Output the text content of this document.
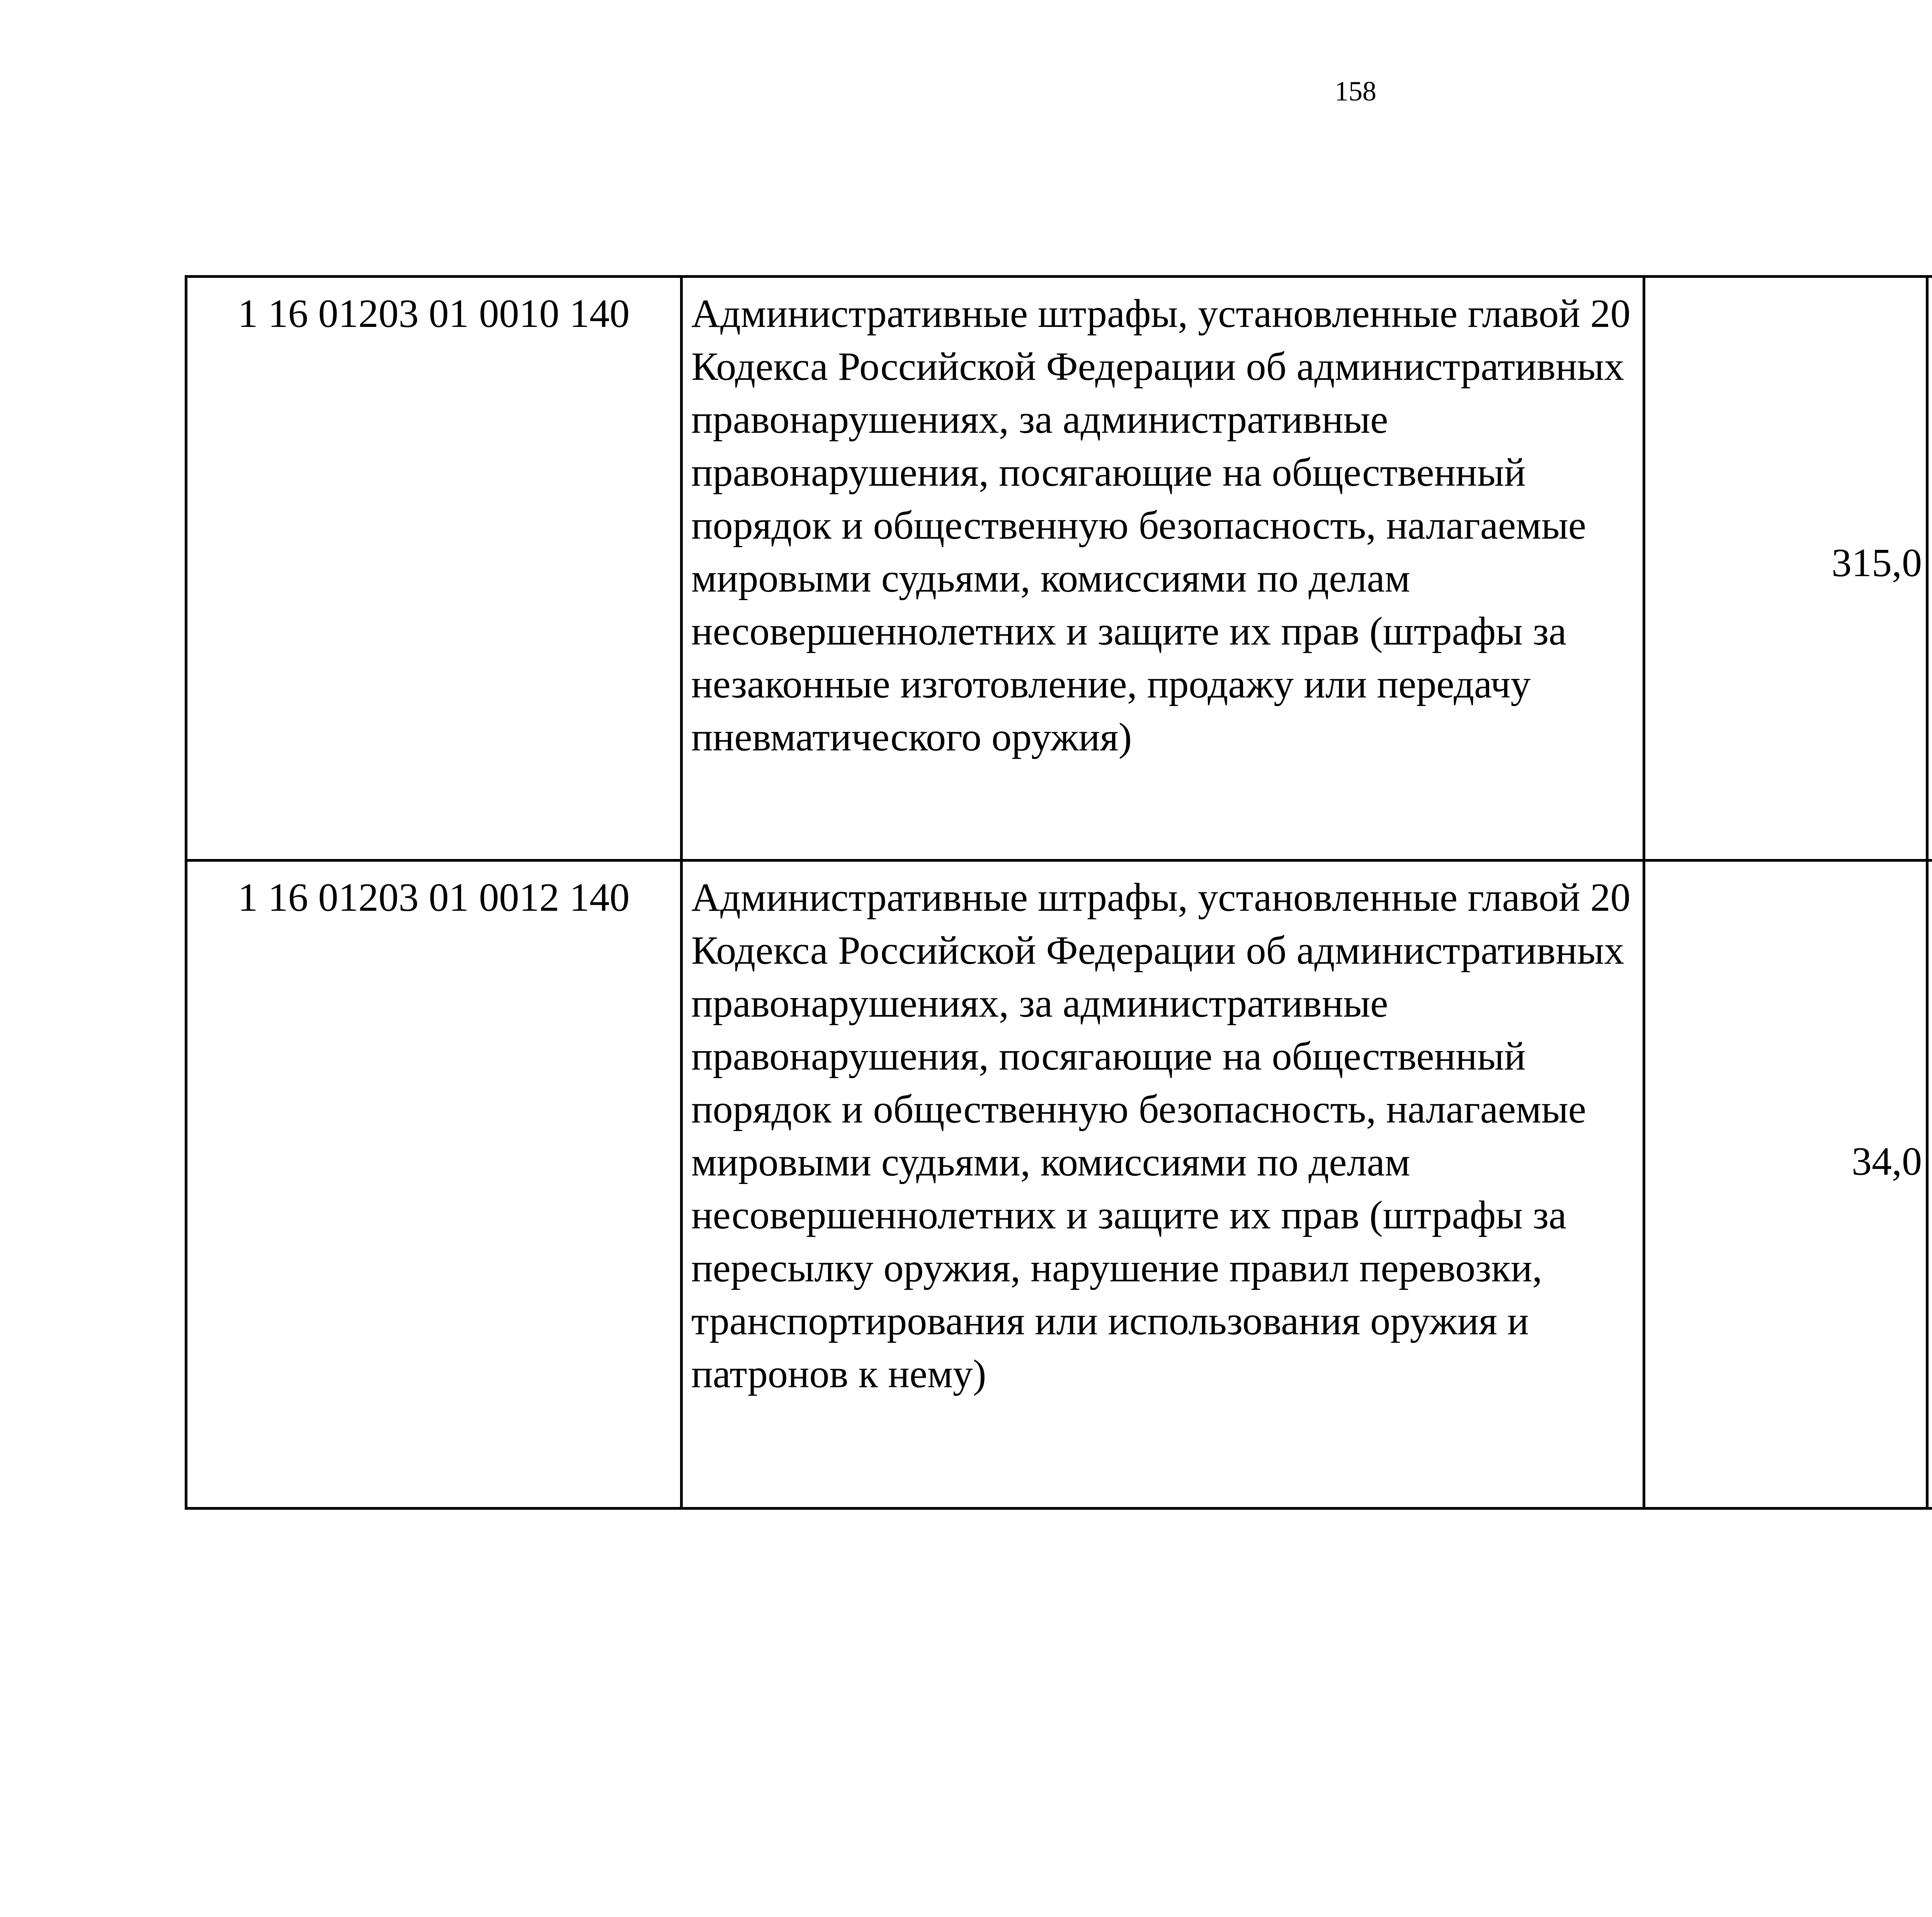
158
1 16 01203 01 0010 140	Административные штрафы, установленные главой 20 Кодекса Российской Федерации об административных правонарушениях, за административные правонарушения, посягающие на общественный порядок и общественную безопасность, налагаемые мировыми судьями, комиссиями по делам несовершеннолетних и защите их прав (штрафы за незаконные изготовление, продажу или передачу пневматического оружия)	315,0		
1 16 01203 01 0012 140	Административные штрафы, установленные главой 20 Кодекса Российской Федерации об административных правонарушениях, за административные правонарушения, посягающие на общественный порядок и общественную безопасность, налагаемые мировыми судьями, комиссиями по делам несовершеннолетних и защите их прав (штрафы за пересылку оружия, нарушение правил перевозки, транспортирования или использования оружия и патронов к нему)	34,0		
